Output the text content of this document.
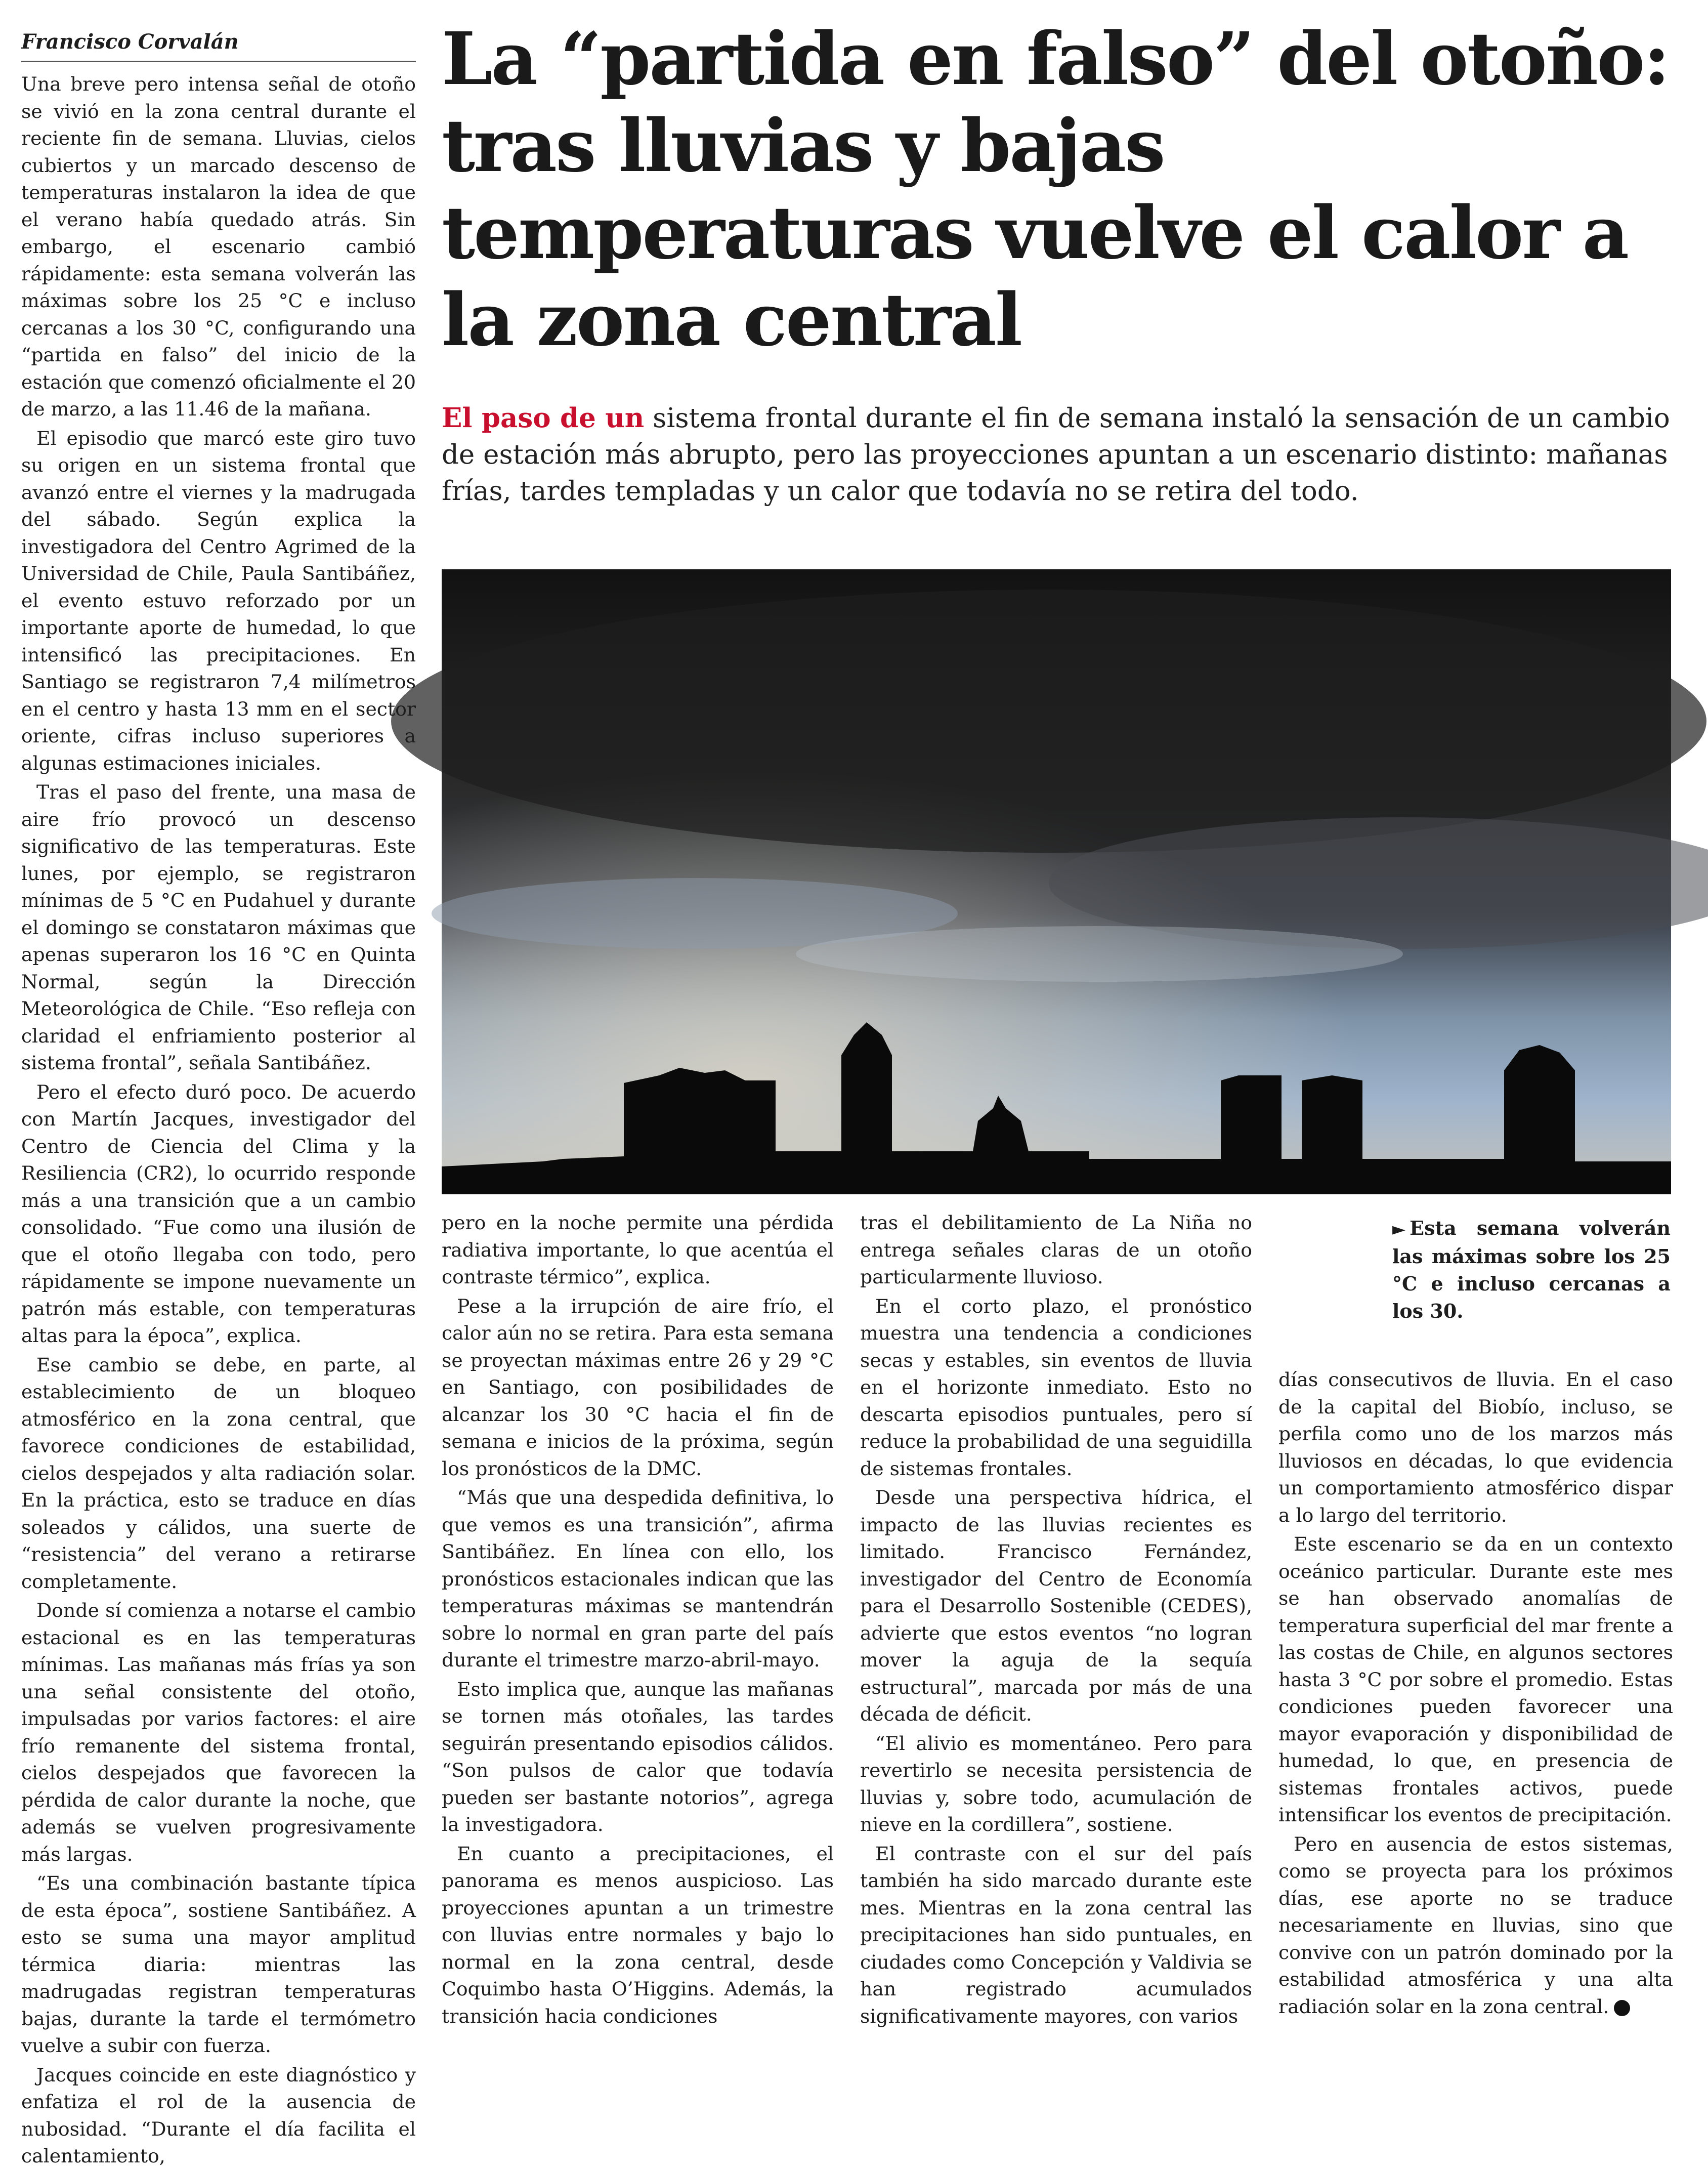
Francisco Corvalán	La “partida en falso” del otoño: tras lluvias y bajas temperaturas vuelve el calor a la zona central
El paso de un sistema frontal durante el fin de semana instaló la sensación de un cambio de estación más abrupto, pero las proyecciones apuntan a un escenario distinto: mañanas frías, tardes templadas y un calor que todavía no se retira del todo.
► Esta semana volverán las máximas sobre los 25 °C e incluso cercanas a los 30.

Una breve pero intensa señal de otoño se vivió en la zona central durante el reciente fin de semana. Lluvias, cielos cubiertos y un marcado descenso de temperaturas instalaron la idea de que el verano había quedado atrás. Sin embargo, el escenario cambió rápidamente: esta semana volverán las máximas sobre los 25 °C e incluso cercanas a los 30 °C, configurando una “partida en falso” del inicio de la estación que comenzó oficialmente el 20 de marzo, a las 11.46 de la mañana.

El episodio que marcó este giro tuvo su origen en un sistema frontal que avanzó entre el viernes y la madrugada del sábado. Según explica la investigadora del Centro Agrimed de la Universidad de Chile, Paula Santibáñez, el evento estuvo reforzado por un importante aporte de humedad, lo que intensificó las precipitaciones. En Santiago se registraron 7,4 milímetros en el centro y hasta 13 mm en el sector oriente, cifras incluso superiores a algunas estimaciones iniciales.

Tras el paso del frente, una masa de aire frío provocó un descenso significativo de las temperaturas. Este lunes, por ejemplo, se registraron mínimas de 5 °C en Pudahuel y durante el domingo se constataron máximas que apenas superaron los 16 °C en Quinta Normal, según la Dirección Meteorológica de Chile. “Eso refleja con claridad el enfriamiento posterior al sistema frontal”, señala Santibáñez.

Pero el efecto duró poco. De acuerdo con Martín Jacques, investigador del Centro de Ciencia del Clima y la Resiliencia (CR2), lo ocurrido responde más a una transición que a un cambio consolidado. “Fue como una ilusión de que el otoño llegaba con todo, pero rápidamente se impone nuevamente un patrón más estable, con temperaturas altas para la época”, explica.

Ese cambio se debe, en parte, al establecimiento de un bloqueo atmosférico en la zona central, que favorece condiciones de estabilidad, cielos despejados y alta radiación solar. En la práctica, esto se traduce en días soleados y cálidos, una suerte de “resistencia” del verano a retirarse completamente.

Donde sí comienza a notarse el cambio estacional es en las temperaturas mínimas. Las mañanas más frías ya son una señal consistente del otoño, impulsadas por varios factores: el aire frío remanente del sistema frontal, cielos despejados que favorecen la pérdida de calor durante la noche, que además se vuelven progresivamente más largas.

“Es una combinación bastante típica de esta época”, sostiene Santibáñez. A esto se suma una mayor amplitud térmica diaria: mientras las madrugadas registran temperaturas bajas, durante la tarde el termómetro vuelve a subir con fuerza.

Jacques coincide en este diagnóstico y enfatiza el rol de la ausencia de nubosidad. “Durante el día facilita el calentamiento,

pero en la noche permite una pérdida radiativa importante, lo que acentúa el contraste térmico”, explica.

Pese a la irrupción de aire frío, el calor aún no se retira. Para esta semana se proyectan máximas entre 26 y 29 °C en Santiago, con posibilidades de alcanzar los 30 °C hacia el fin de semana e inicios de la próxima, según los pronósticos de la DMC.

“Más que una despedida definitiva, lo que vemos es una transición”, afirma Santibáñez. En línea con ello, los pronósticos estacionales indican que las temperaturas máximas se mantendrán sobre lo normal en gran parte del país durante el trimestre marzo-abril-mayo.

Esto implica que, aunque las mañanas se tornen más otoñales, las tardes seguirán presentando episodios cálidos. “Son pulsos de calor que todavía pueden ser bastante notorios”, agrega la investigadora.

En cuanto a precipitaciones, el panorama es menos auspicioso. Las proyecciones apuntan a un trimestre con lluvias entre normales y bajo lo normal en la zona central, desde Coquimbo hasta O’Higgins. Además, la transición hacia condiciones

tras el debilitamiento de La Niña no entrega señales claras de un otoño particularmente lluvioso.

En el corto plazo, el pronóstico muestra una tendencia a condiciones secas y estables, sin eventos de lluvia en el horizonte inmediato. Esto no descarta episodios puntuales, pero sí reduce la probabilidad de una seguidilla de sistemas frontales.

Desde una perspectiva hídrica, el impacto de las lluvias recientes es limitado. Francisco Fernández, investigador del Centro de Economía para el Desarrollo Sostenible (CEDES), advierte que estos eventos “no logran mover la aguja de la sequía estructural”, marcada por más de una década de déficit.

“El alivio es momentáneo. Pero para revertirlo se necesita persistencia de lluvias y, sobre todo, acumulación de nieve en la cordillera”, sostiene.

El contraste con el sur del país también ha sido marcado durante este mes. Mientras en la zona central las precipitaciones han sido puntuales, en ciudades como Concepción y Valdivia se han registrado acumulados significativamente mayores, con varios

días consecutivos de lluvia. En el caso de la capital del Biobío, incluso, se perfila como uno de los marzos más lluviosos en décadas, lo que evidencia un comportamiento atmosférico dispar a lo largo del territorio.

Este escenario se da en un contexto oceánico particular. Durante este mes se han observado anomalías de temperatura superficial del mar frente a las costas de Chile, en algunos sectores hasta 3 °C por sobre el promedio. Estas condiciones pueden favorecer una mayor evaporación y disponibilidad de humedad, lo que, en presencia de sistemas frontales activos, puede intensificar los eventos de precipitación.

Pero en ausencia de estos sistemas, como se proyecta para los próximos días, ese aporte no se traduce necesariamente en lluvias, sino que convive con un patrón dominado por la estabilidad atmosférica y una alta radiación solar en la zona central.
